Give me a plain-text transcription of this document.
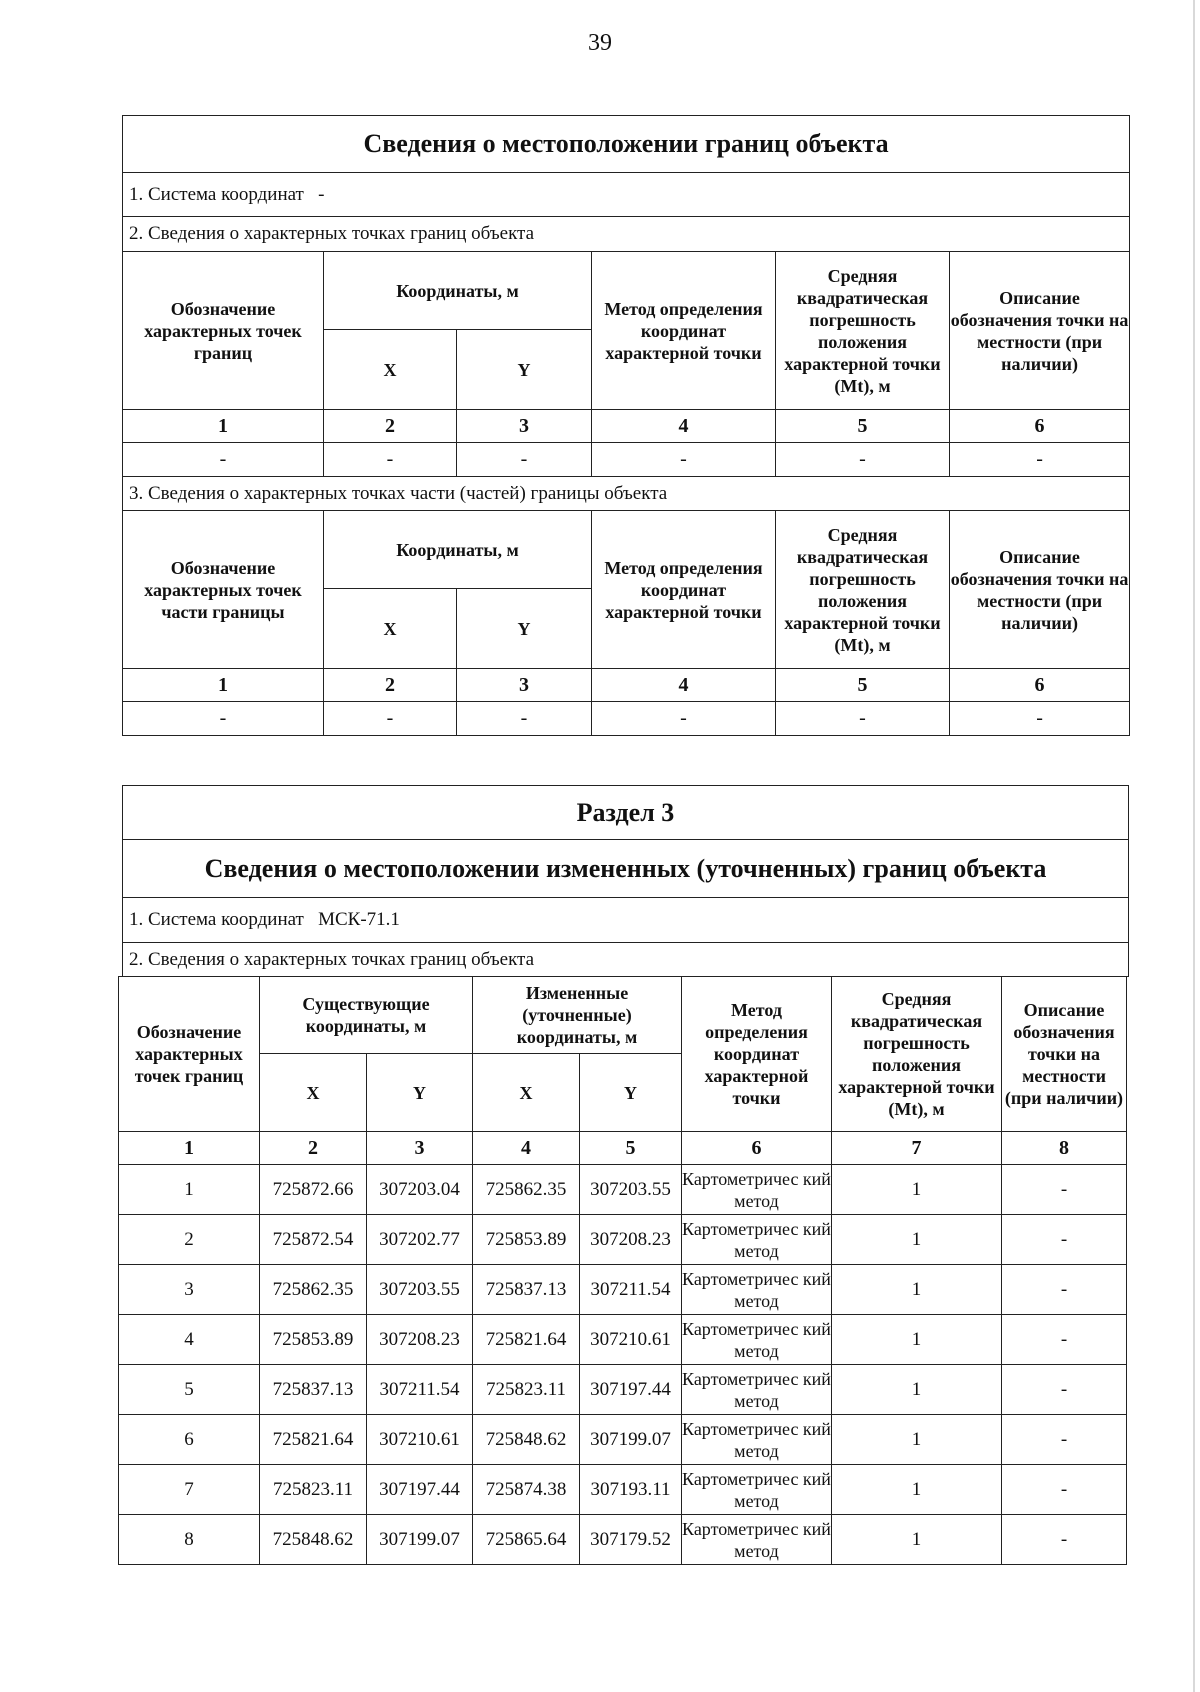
39
Сведения о местоположении границ объекта					
1. Система координат -					
2. Сведения о характерных точках границ объекта					
Обозначение характерных точек границ	Координаты, м		Метод определения координат характерной точки	Средняя квадратическая погрешность положения характерной точки (Mt), м	Описание обозначения точки на местности (при наличии)
	X	Y			
1	2	3	4	5	6
-	-	-	-	-	-
3. Сведения о характерных точках части (частей) границы объекта					
Обозначение характерных точек части границы	Координаты, м		Метод определения координат характерной точки	Средняя квадратическая погрешность положения характерной точки (Mt), м	Описание обозначения точки на местности (при наличии)
	X	Y			
1	2	3	4	5	6
-	-	-	-	-	-
Раздел 3
Сведения о местоположении измененных (уточненных) границ объекта
1. Система координат МСК-71.1
2. Сведения о характерных точках границ объекта
Обозначение характерных точек границ	Существующие координаты, м		Измененные (уточненные) координаты, м		Метод определения координат характерной точки	Средняя квадратическая погрешность положения характерной точки (Mt), м	Описание обозначения точки на местности (при наличии)
	X	Y	X	Y			
1	2	3	4	5	6	7	8
1	725872.66	307203.04	725862.35	307203.55	Картометричес кий метод	1	-
2	725872.54	307202.77	725853.89	307208.23	Картометричес кий метод	1	-
3	725862.35	307203.55	725837.13	307211.54	Картометричес кий метод	1	-
4	725853.89	307208.23	725821.64	307210.61	Картометричес кий метод	1	-
5	725837.13	307211.54	725823.11	307197.44	Картометричес кий метод	1	-
6	725821.64	307210.61	725848.62	307199.07	Картометричес кий метод	1	-
7	725823.11	307197.44	725874.38	307193.11	Картометричес кий метод	1	-
8	725848.62	307199.07	725865.64	307179.52	Картометричес кий метод	1	-
